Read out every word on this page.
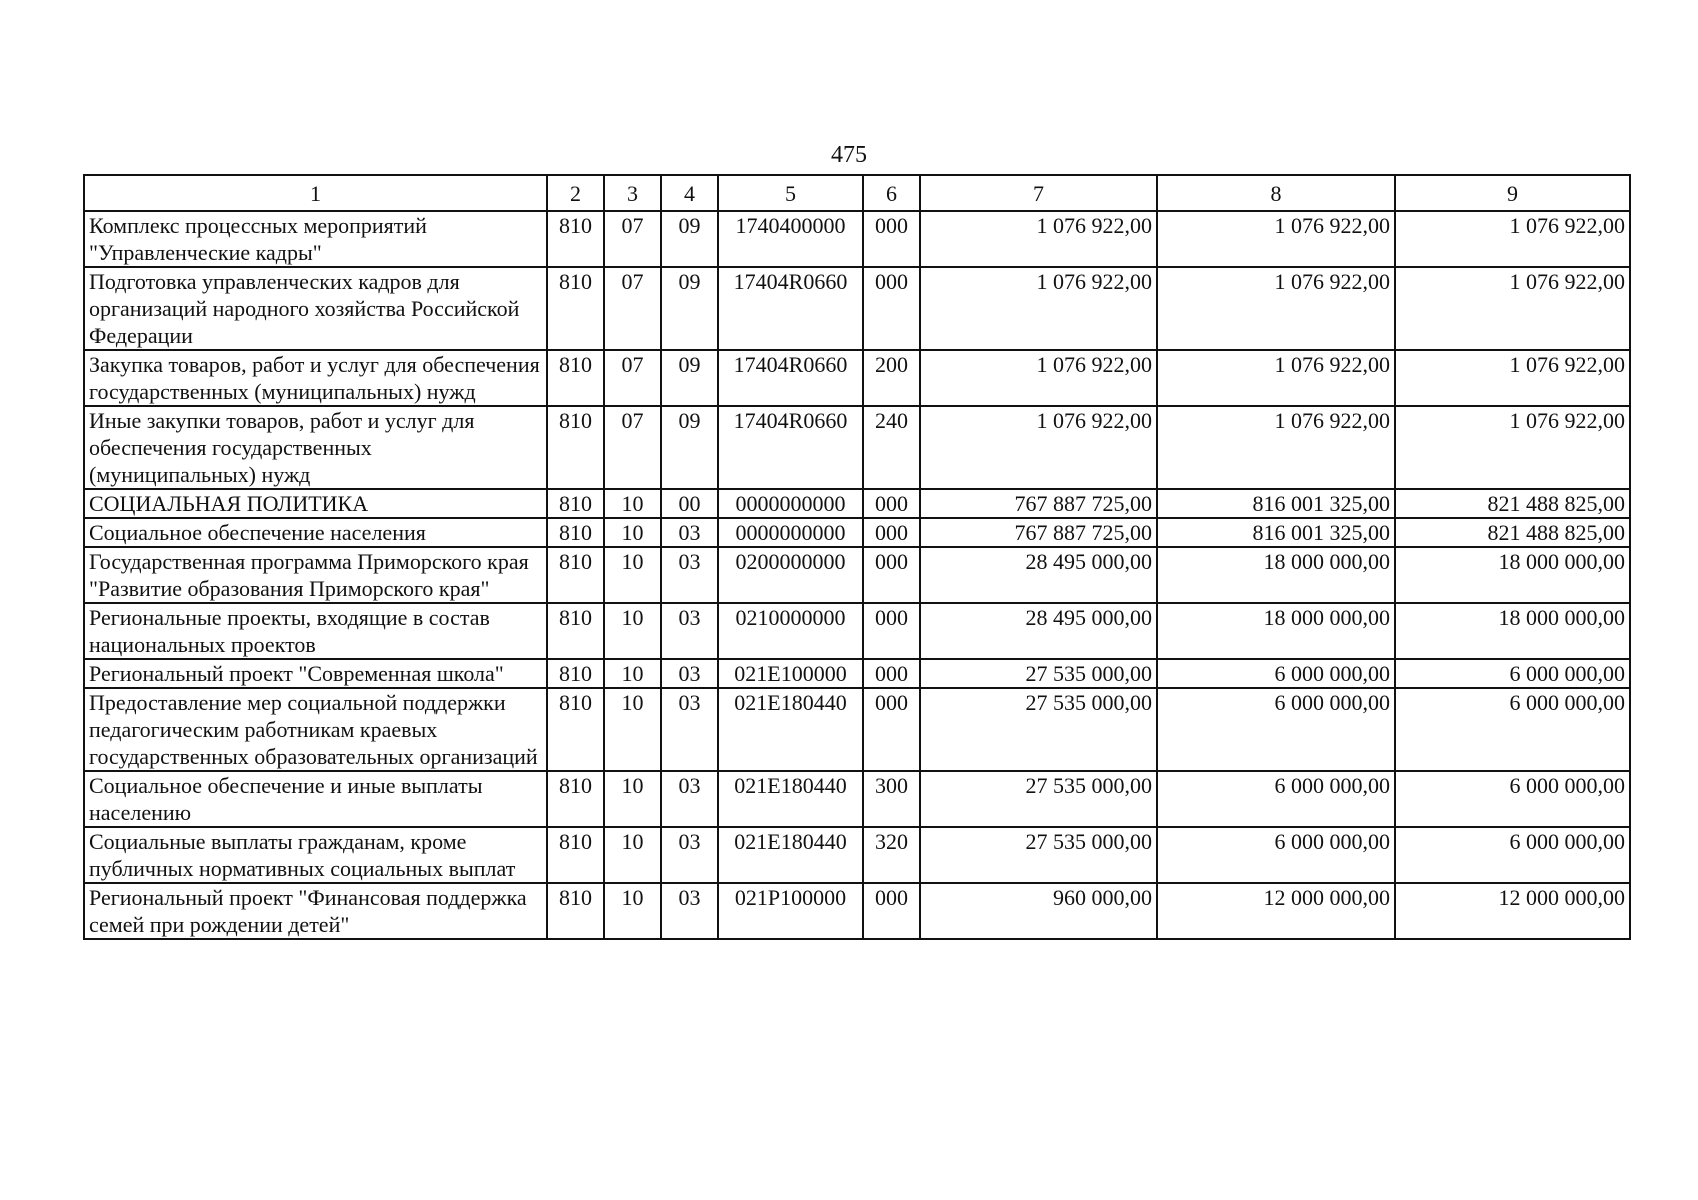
475
1	2	3	4	5	6	7	8	9
Комплекс процессных мероприятий "Управленческие кадры"	810	07	09	1740400000	000	1 076 922,00	1 076 922,00	1 076 922,00
Подготовка управленческих кадров для организаций народного хозяйства Российской Федерации	810	07	09	17404R0660	000	1 076 922,00	1 076 922,00	1 076 922,00
Закупка товаров, работ и услуг для обеспечения государственных (муниципальных) нужд	810	07	09	17404R0660	200	1 076 922,00	1 076 922,00	1 076 922,00
Иные закупки товаров, работ и услуг для обеспечения государственных (муниципальных) нужд	810	07	09	17404R0660	240	1 076 922,00	1 076 922,00	1 076 922,00
СОЦИАЛЬНАЯ ПОЛИТИКА	810	10	00	0000000000	000	767 887 725,00	816 001 325,00	821 488 825,00
Социальное обеспечение населения	810	10	03	0000000000	000	767 887 725,00	816 001 325,00	821 488 825,00
Государственная программа Приморского края "Развитие образования Приморского края"	810	10	03	0200000000	000	28 495 000,00	18 000 000,00	18 000 000,00
Региональные проекты, входящие в состав национальных проектов	810	10	03	0210000000	000	28 495 000,00	18 000 000,00	18 000 000,00
Региональный проект "Современная школа"	810	10	03	021E100000	000	27 535 000,00	6 000 000,00	6 000 000,00
Предоставление мер социальной поддержки педагогическим работникам краевых государственных образовательных организаций	810	10	03	021E180440	000	27 535 000,00	6 000 000,00	6 000 000,00
Социальное обеспечение и иные выплаты населению	810	10	03	021E180440	300	27 535 000,00	6 000 000,00	6 000 000,00
Социальные выплаты гражданам, кроме публичных нормативных социальных выплат	810	10	03	021E180440	320	27 535 000,00	6 000 000,00	6 000 000,00
Региональный проект "Финансовая поддержка семей при рождении детей"	810	10	03	021P100000	000	960 000,00	12 000 000,00	12 000 000,00
